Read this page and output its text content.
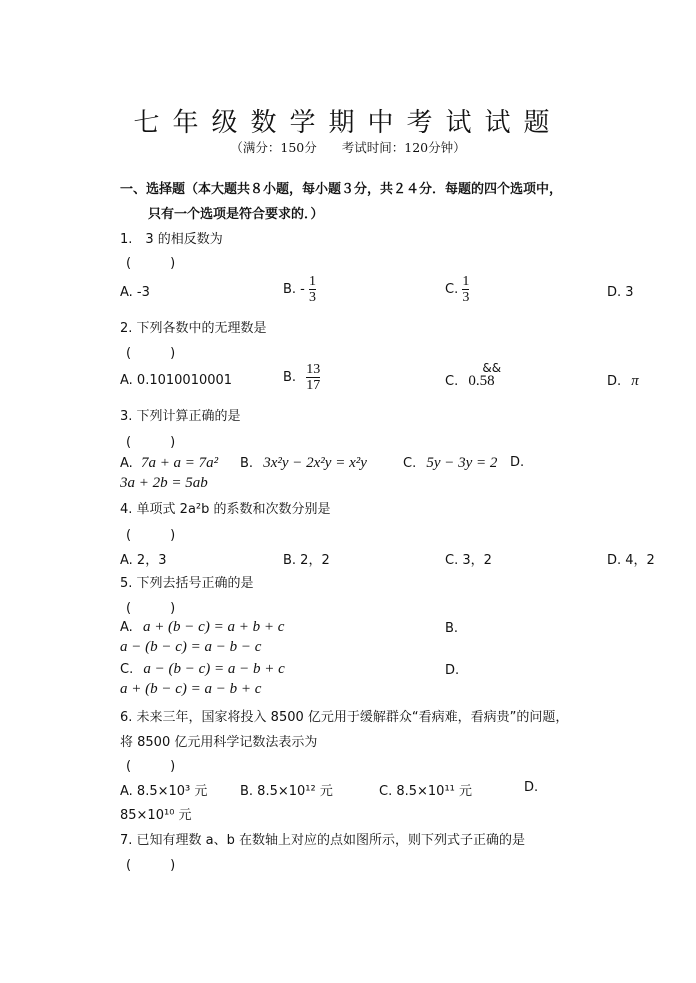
七年级数学期中考试试题
（满分：150分　　考试时间：120分钟）
一、选择题（本大题共８小题，每小题３分，共２４分．每题的四个选项中，
只有一个选项是符合要求的．）
1.　3 的相反数为
(　　　)
A. -3	B. - $\frac{1}{3}$	C. $\frac{1}{3}$	D. 3
2. 下列各数中的无理数是
(　　　)
A. 0.1010010001	B. $\frac{13}{17}$	C. 0.58
&&
D. π
3. 下列计算正确的是
(　　　)
A. 7a + a = 7a² B. 3x²y − 2x²y = x²y	C. 5y − 3y = 2 D.
3a + 2b = 5ab
4. 单项式 2a²b 的系数和次数分别是
(　　　)
A. 2，3	B. 2，2	C. 3，2	D. 4，2
5. 下列去括号正确的是
(　　　)
A. a + (b − c) = a + b + c	B.
a − (b − c) = a − b − c
C. a − (b − c) = a − b + c	D.
a + (b − c) = a − b + c
6. 未来三年，国家将投入 8500 亿元用于缓解群众“看病难，看病贵”的问题，
将 8500 亿元用科学记数法表示为
(　　　)
A. 8.5×10³ 元	B. 8.5×10¹² 元	C. 8.5×10¹¹ 元	D.
85×10¹⁰ 元
7. 已知有理数 a、b 在数轴上对应的点如图所示，则下列式子正确的是
(　　　)
